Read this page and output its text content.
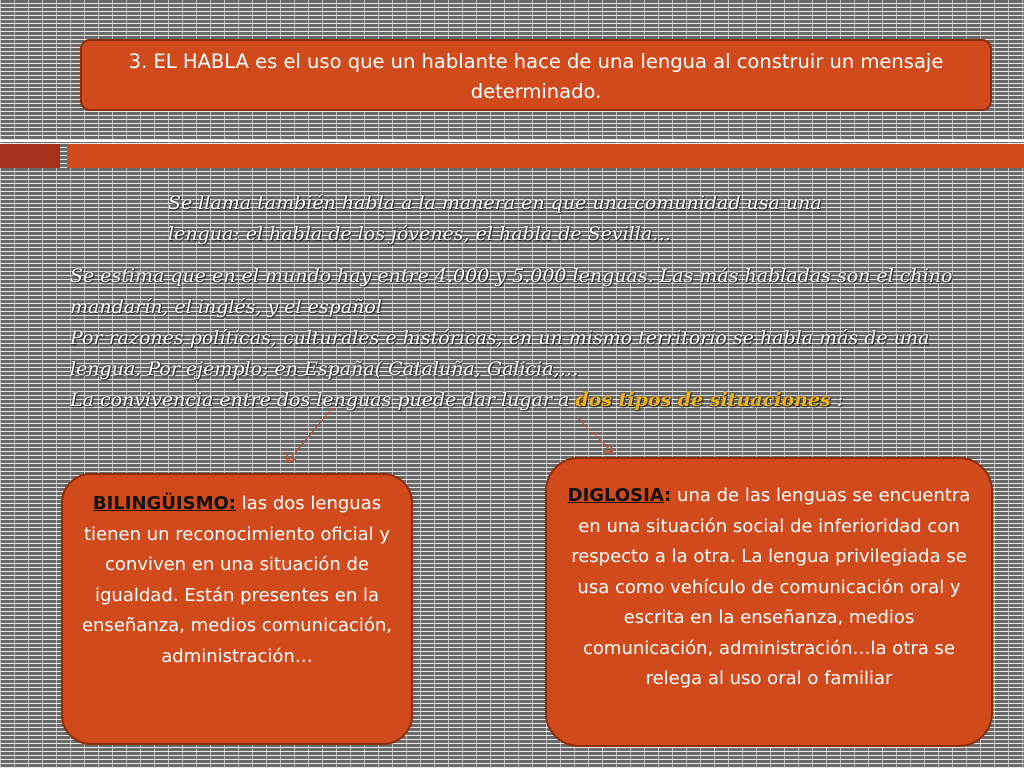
3. EL HABLA es el uso que un hablante hace de una lengua al construir un mensaje determinado.
Se llama también habla a la manera en que una comunidad usa una lengua: el habla de los jóvenes, el habla de Sevilla…
Se estima que en el mundo hay entre 4.000 y 5.000 lenguas. Las más habladas son el chino mandarín, el inglés, y el español
Por razones políticas, culturales e históricas, en un mismo territorio se habla más de una lengua. Por ejemplo: en España( Cataluña, Galicia,…
La convivencia entre dos lenguas puede dar lugar a dos tipos de situaciones :
BILINGÜISMO: las dos lenguas tienen un reconocimiento oficial y conviven en una situación de igualdad. Están presentes en la enseñanza, medios comunicación, administración…
DIGLOSIA: una de las lenguas se encuentra en una situación social de inferioridad con respecto a la otra. La lengua privilegiada se usa como vehículo de comunicación oral y escrita en la enseñanza, medios comunicación, administración…la otra se relega al uso oral o familiar
